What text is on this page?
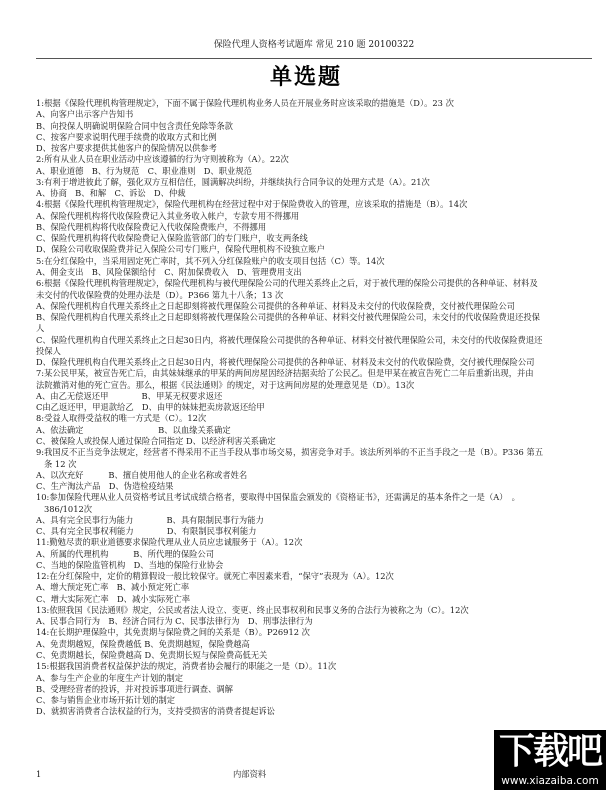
保险代理人资格考试题库 常见 210 题 20100322
单选题
1:根据《保险代理机构管理规定》，下面不属于保险代理机构业务人员在开展业务时应该采取的措施是（D）。23 次
A、向客户出示客户告知书
B、向投保人明确说明保险合同中包含责任免除等条款
C、按客户要求说明代理手续费的收取方式和比例
D、按客户要求提供其他客户的保险情况以供参考
2:所有从业人员在职业活动中应该遵循的行为守则被称为（A）。22次
A、职业道德　B、行为规范　C、职业准则　D、职业规范
3:有利于增进彼此了解，强化双方互相信任，圆满解决纠纷，并继续执行合同争议的处理方式是（A）。21次
A、协商　B、和解　C、诉讼　D、仲裁
4:根据《保险代理机构管理规定》，保险代理机构在经营过程中对于保险费收入的管理，应该采取的措施是（B）。14次
A、保险代理机构将代收保险费记入其业务收入帐户，专款专用不得挪用
B、保险代理机构将代收保险费记入代收保险费账户，不得挪用
C、保险代理机构将代收保险费记入保险监管部门的专门账户，收支两条线
D、保险公司收取保险费并记入保险公司专门账户，保险代理机构不设独立账户
5:在分红保险中，当采用固定死亡率时，其不列入分红保险账户的收支项目包括（C）等。14次
A、佣金支出　B、风险保额给付　C、附加保费收入　D、管理费用支出
6:根据《保险代理机构管理规定》，保险代理机构与被代理保险公司的代理关系终止之后，对于被代理的保险公司提供的各种单证、材料及
未交付的代收保险费的处理办法是（D）。P366 第九十八条；13 次
A、保险代理机构自代理关系终止之日起即刻将被代理保险公司提供的各种单证、材料及未交付的代收保险费，交付被代理保险公司
B、保险代理机构自代理关系终止之日起即刻将被代理保险公司提供的各种单证、材料交付被代理保险公司，未交付的代收保险费退还投保
人
C、保险代理机构自代理关系终止之日起30日内，将被代理保险公司提供的各种单证、材料交付被代理保险公司，未交付的代收保险费退还
投保人
D、保险代理机构自代理关系终止之日起30日内，将被代理保险公司提供的各种单证、材料及未交付的代收保险费，交付被代理保险公司
7:某公民甲某，被宣告死亡后，由其妹妹继承的甲某的两间房屋因经济拮据卖给了公民乙。但是甲某在被宣告死亡二年后重新出现，并由
法院撤消对他的死亡宣告。那么，根据《民法通则》的规定，对于这两间房屋的处理意见是（D）。13次
A、由乙无偿返还甲　　　　B、甲某无权要求返还
C由乙返还甲，甲退款给乙　D、由甲的妹妹把卖房款返还给甲
8:受益人取得受益权的唯一方式是（C）。12次
A、依法确定　　　　　　　　　B、以血缘关系确定
C、被保险人或投保人通过保险合同指定 D、以经济利害关系确定
9:我国反不正当竞争法规定，经营者不得采用不正当手段从事市场交易，损害竞争对手。该法所列举的不正当手段之一是（B）。P336 第五
条 12 次
A、以次充好　　　B、擅自使用他人的企业名称或者姓名
C、生产淘汰产品　D、伪造检疫结果
10:参加保险代理从业人员资格考试且考试成绩合格者，要取得中国保监会颁发的《资格证书》，还需满足的基本条件之一是（A）　。
386/1012次
A、具有完全民事行为能力　　　　B、具有限制民事行为能力
C、具有完全民事权利能力　　　　D、有限制民事权利能力
11:勤勉尽责的职业道德要求保险代理从业人员应忠诚服务于（A）。12次
A、所属的代理机构　　　B、所代理的保险公司
C、当地的保险监管机构　D、当地的保险行业协会
12:在分红保险中，定价的精算假设一般比较保守。就死亡率因素来看，“保守”表现为（A）。12次
A、增大预定死亡率　B、减小预定死亡率
C、增大实际死亡率　D、减小实际死亡率
13:依照我国《民法通则》规定，公民或者法人设立、变更、终止民事权利和民事义务的合法行为被称之为（C）。12次
A、民事合同行为　B、经济合同行为 C、民事法律行为　D、刑事法律行为
14:在长期护理保险中，其免责期与保险费之间的关系是（B）。P26912 次
A、免责期越短，保险费越低 B、免责期越短，保险费越高
C、免责期越长，保险费越高 D、免责期长短与保险费高低无关
15:根据我国消费者权益保护法的规定，消费者协会履行的职能之一是（D）。11次
A、参与生产企业的年度生产计划的制定
B、受理经营者的投诉，并对投诉事项进行调查、调解
C、参与销售企业市场开拓计划的制定
D、就损害消费者合法权益的行为，支持受损害的消费者提起诉讼
1	内部资料
下载吧
www.xiazaiba.com
